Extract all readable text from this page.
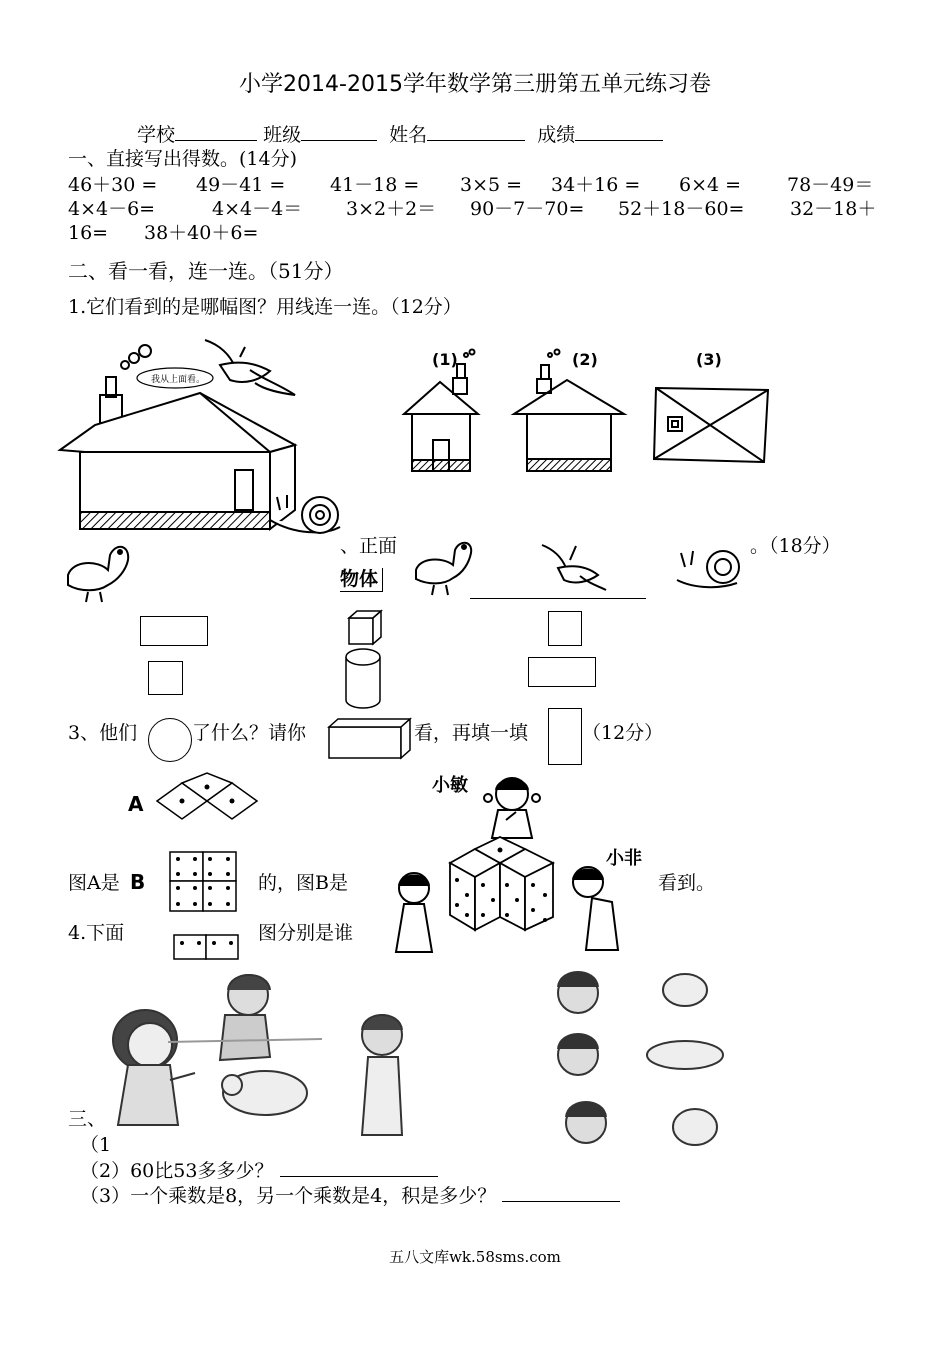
小学2014-2015学年数学第三册第五单元练习卷
学校	班级	姓名	成绩
一、直接写出得数。(14分)
46＋30 = 49－41 = 41－18 = 3×5 = 34＋16 = 6×4 = 78－49＝
4×4－6=	4×4－4＝ 3×2＋2＝ 90－7－70= 52＋18－60= 32－18＋
16= 38＋40＋6=
二、看一看，连一连。（51分）
1.它们看到的是哪幅图？用线连一连。（12分）
我从上面看。
(1)	(2)	(3)
、正面	。（18分）
物体
3、他们	了什么？请你	看，再填一填	（12分）
A
小敏
小非
图A是 B	的，图B是	看到。
4.下面	图分别是谁
三、
（1
（2）60比53多多少？
（3）一个乘数是8，另一个乘数是4，积是多少？
五八文库wk.58sms.com
